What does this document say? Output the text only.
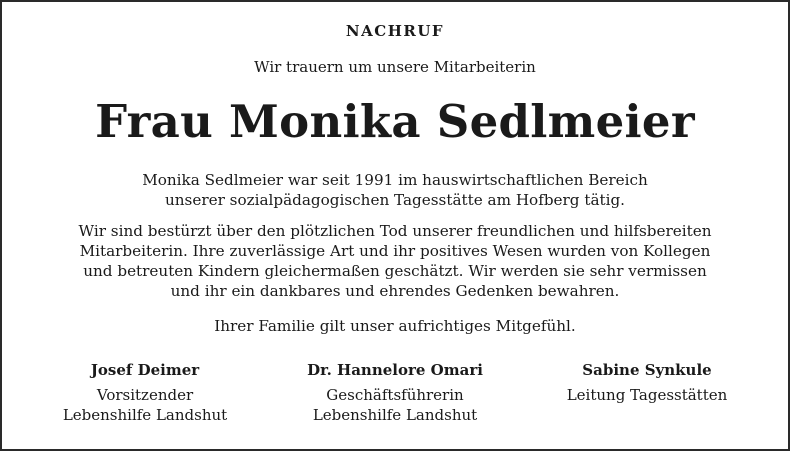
NACHRUF
Wir trauern um unsere Mitarbeiterin
Frau Monika Sedlmeier
Monika Sedlmeier war seit 1991 im hauswirtschaftlichen Bereich
unserer sozialpädagogischen Tagesstätte am Hofberg tätig.
Wir sind bestürzt über den plötzlichen Tod unserer freundlichen und hilfsbereiten
Mitarbeiterin. Ihre zuverlässige Art und ihr positives Wesen wurden von Kollegen
und betreuten Kindern gleichermaßen geschätzt. Wir werden sie sehr vermissen
und ihr ein dankbares und ehrendes Gedenken bewahren.
Ihrer Familie gilt unser aufrichtiges Mitgefühl.
Josef Deimer
Vorsitzender
Lebenshilfe Landshut
Dr. Hannelore Omari
Geschäftsführerin
Lebenshilfe Landshut
Sabine Synkule
Leitung Tagesstätten
